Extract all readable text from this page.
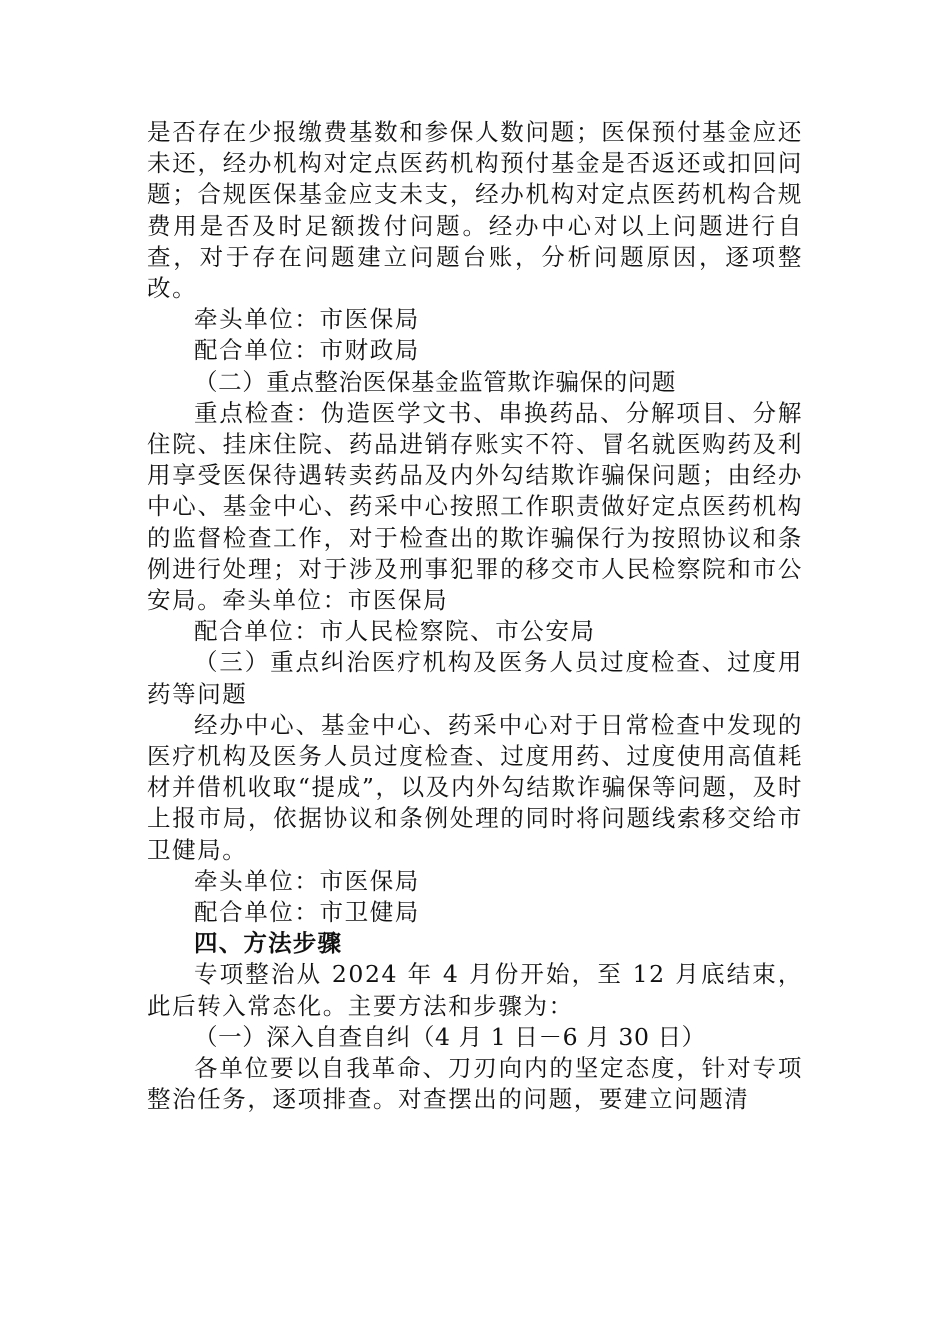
是否存在少报缴费基数和参保人数问题；医保预付基金应还未还，经办机构对定点医药机构预付基金是否返还或扣回问题；合规医保基金应支未支，经办机构对定点医药机构合规费用是否及时足额拨付问题。经办中心对以上问题进行自查，对于存在问题建立问题台账，分析问题原因，逐项整改。

牵头单位：市医保局

配合单位：市财政局

（二）重点整治医保基金监管欺诈骗保的问题

重点检查：伪造医学文书、串换药品、分解项目、分解住院、挂床住院、药品进销存账实不符、冒名就医购药及利用享受医保待遇转卖药品及内外勾结欺诈骗保问题；由经办中心、基金中心、药采中心按照工作职责做好定点医药机构的监督检查工作，对于检查出的欺诈骗保行为按照协议和条例进行处理；对于涉及刑事犯罪的移交市人民检察院和市公安局。牵头单位：市医保局

配合单位：市人民检察院、市公安局

（三）重点纠治医疗机构及医务人员过度检查、过度用药等问题

经办中心、基金中心、药采中心对于日常检查中发现的医疗机构及医务人员过度检查、过度用药、过度使用高值耗材并借机收取“提成”，以及内外勾结欺诈骗保等问题，及时上报市局，依据协议和条例处理的同时将问题线索移交给市卫健局。

牵头单位：市医保局

配合单位：市卫健局

四、方法步骤

专项整治从 2024 年 4 月份开始，至 12 月底结束，此后转入常态化。主要方法和步骤为：

（一）深入自查自纠（4 月 1 日－6 月 30 日）

各单位要以自我革命、刀刃向内的坚定态度，针对专项整治任务，逐项排查。对查摆出的问题，要建立问题清
